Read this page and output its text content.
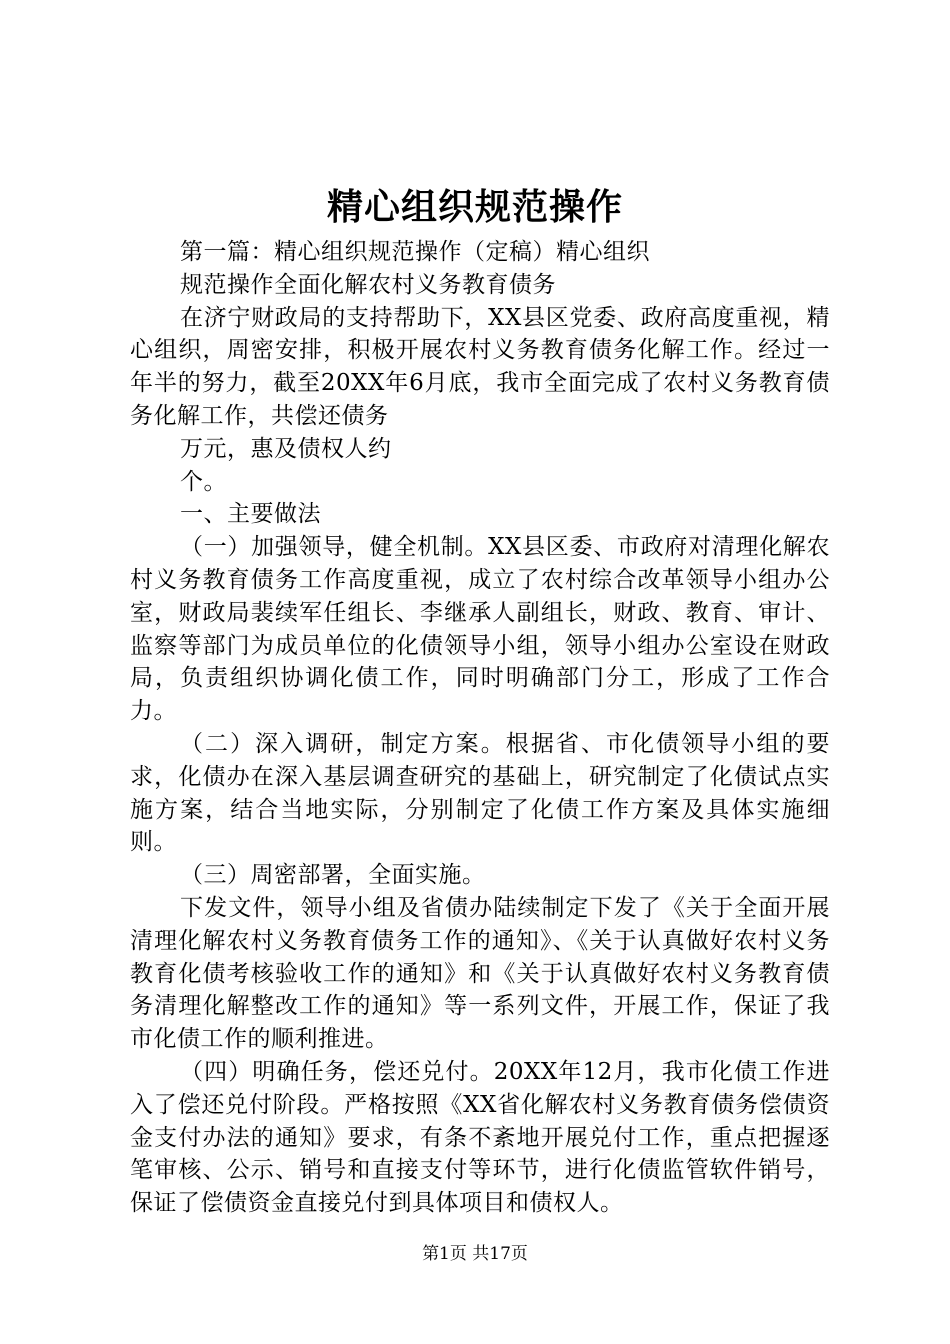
精心组织规范操作

第一篇：精心组织规范操作（定稿）精心组织

规范操作全面化解农村义务教育债务

在济宁财政局的支持帮助下，XX县区党委、政府高度重视，精心组织，周密安排，积极开展农村义务教育债务化解工作。经过一年半的努力，截至20XX年6月底，我市全面完成了农村义务教育债务化解工作，共偿还债务

万元，惠及债权人约

个。

一、主要做法

（一）加强领导，健全机制。XX县区委、市政府对清理化解农村义务教育债务工作高度重视，成立了农村综合改革领导小组办公室，财政局裴续军任组长、李继承人副组长，财政、教育、审计、监察等部门为成员单位的化债领导小组，领导小组办公室设在财政局，负责组织协调化债工作，同时明确部门分工，形成了工作合力。

（二）深入调研，制定方案。根据省、市化债领导小组的要求，化债办在深入基层调查研究的基础上，研究制定了化债试点实施方案，结合当地实际，分别制定了化债工作方案及具体实施细则。

（三）周密部署，全面实施。

下发文件，领导小组及省债办陆续制定下发了《关于全面开展清理化解农村义务教育债务工作的通知》、《关于认真做好农村义务教育化债考核验收工作的通知》和《关于认真做好农村义务教育债务清理化解整改工作的通知》等一系列文件，开展工作，保证了我市化债工作的顺利推进。

（四）明确任务，偿还兑付。20XX年12月，我市化债工作进入了偿还兑付阶段。严格按照《XX省化解农村义务教育债务偿债资金支付办法的通知》要求，有条不紊地开展兑付工作，重点把握逐笔审核、公示、销号和直接支付等环节，进行化债监管软件销号，保证了偿债资金直接兑付到具体项目和债权人。

第1页 共17页
